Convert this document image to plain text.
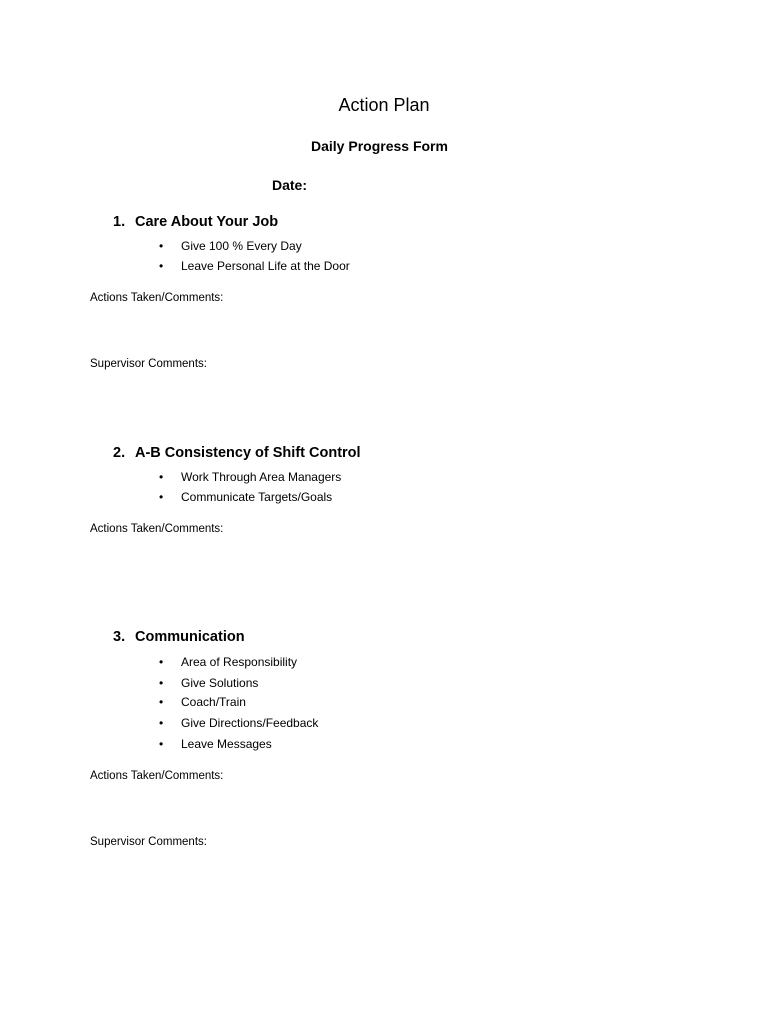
Action Plan
Daily Progress Form
Date:
1. Care About Your Job
• Give 100 % Every Day
• Leave Personal Life at the Door
Actions Taken/Comments:
Supervisor Comments:
2. A-B Consistency of Shift Control
• Work Through Area Managers
• Communicate Targets/Goals
Actions Taken/Comments:
3. Communication
• Area of Responsibility
• Give Solutions
• Coach/Train
• Give Directions/Feedback
• Leave Messages
Actions Taken/Comments:
Supervisor Comments:
